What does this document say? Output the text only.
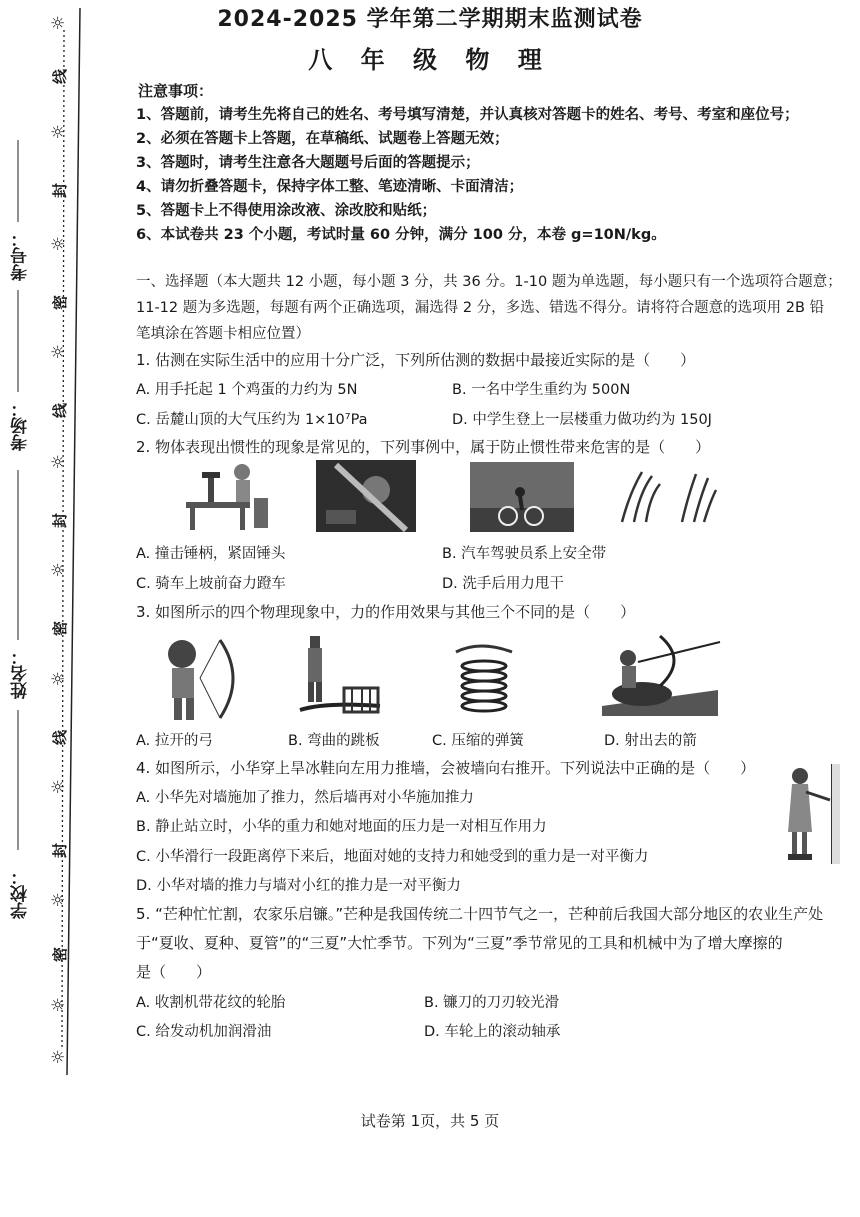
考号：
考场：
姓名：
学校：
☼
线
☼
封
☼
密
☼
线
☼
封
☼
密
☼
线
☼
封
☼
密
☼
☼
2024-2025 学年第二学期期末监测试卷
八 年 级 物 理
注意事项：
1、答题前，请考生先将自己的姓名、考号填写清楚，并认真核对答题卡的姓名、考号、考室和座位号；
2、必须在答题卡上答题，在草稿纸、试题卷上答题无效；
3、答题时，请考生注意各大题题号后面的答题提示；
4、请勿折叠答题卡，保持字体工整、笔迹清晰、卡面清洁；
5、答题卡上不得使用涂改液、涂改胶和贴纸；
6、本试卷共 23 个小题，考试时量 60 分钟，满分 100 分，本卷 g=10N/kg。
一、选择题（本大题共 12 小题，每小题 3 分，共 36 分。1-10 题为单选题，每小题只有一个选项符合题意；
11-12 题为多选题，每题有两个正确选项，漏选得 2 分，多选、错选不得分。请将符合题意的选项用 2B 铅
笔填涂在答题卡相应位置）
1. 估测在实际生活中的应用十分广泛，下列所估测的数据中最接近实际的是（　　）
A. 用手托起 1 个鸡蛋的力约为 5N	B. 一名中学生重约为 500N
C. 岳麓山顶的大气压约为 1×10⁷Pa	D. 中学生登上一层楼重力做功约为 150J
2. 物体表现出惯性的现象是常见的，下列事例中，属于防止惯性带来危害的是（　　）
A. 撞击锤柄，紧固锤头	B. 汽车驾驶员系上安全带
C. 骑车上坡前奋力蹬车	D. 洗手后用力甩干
3. 如图所示的四个物理现象中，力的作用效果与其他三个不同的是（　　）
A. 拉开的弓	B. 弯曲的跳板	C. 压缩的弹簧	D. 射出去的箭
4. 如图所示，小华穿上旱冰鞋向左用力推墙，会被墙向右推开。下列说法中正确的是（　　）
A. 小华先对墙施加了推力，然后墙再对小华施加推力
B. 静止站立时，小华的重力和她对地面的压力是一对相互作用力
C. 小华滑行一段距离停下来后，地面对她的支持力和她受到的重力是一对平衡力
D. 小华对墙的推力与墙对小红的推力是一对平衡力
5. “芒种忙忙割，农家乐启镰。”芒种是我国传统二十四节气之一，芒种前后我国大部分地区的农业生产处
于“夏收、夏种、夏管”的“三夏”大忙季节。下列为“三夏”季节常见的工具和机械中为了增大摩擦的
是（　　）
A. 收割机带花纹的轮胎	B. 镰刀的刀刃较光滑
C. 给发动机加润滑油	D. 车轮上的滚动轴承
试卷第 1页，共 5 页
